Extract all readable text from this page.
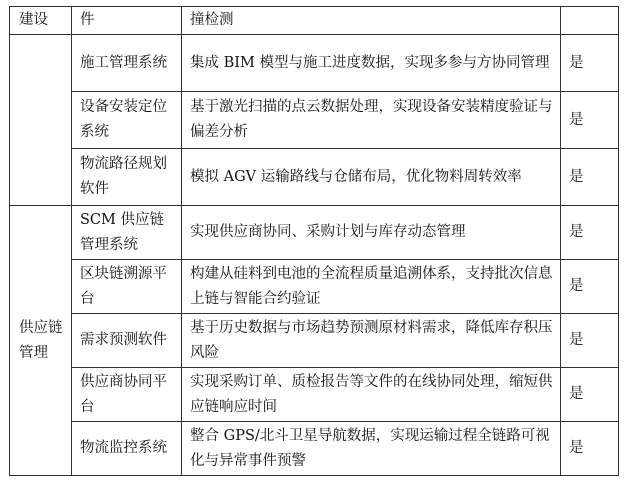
建设	件	撞检测	
	施工管理系统	集成 BIM 模型与施工进度数据，实现多参与方协同管理	是
	设备安装定位系统	基于激光扫描的点云数据处理，实现设备安装精度验证与偏差分析	是
	物流路径规划软件	模拟 AGV 运输路线与仓储布局，优化物料周转效率	是
供应链管理	SCM 供应链管理系统	实现供应商协同、采购计划与库存动态管理	是
	区块链溯源平台	构建从硅料到电池的全流程质量追溯体系，支持批次信息上链与智能合约验证	是
	需求预测软件	基于历史数据与市场趋势预测原材料需求，降低库存积压风险	是
	供应商协同平台	实现采购订单、质检报告等文件的在线协同处理，缩短供应链响应时间	是
	物流监控系统	整合 GPS/北斗卫星导航数据，实现运输过程全链路可视化与异常事件预警	是
